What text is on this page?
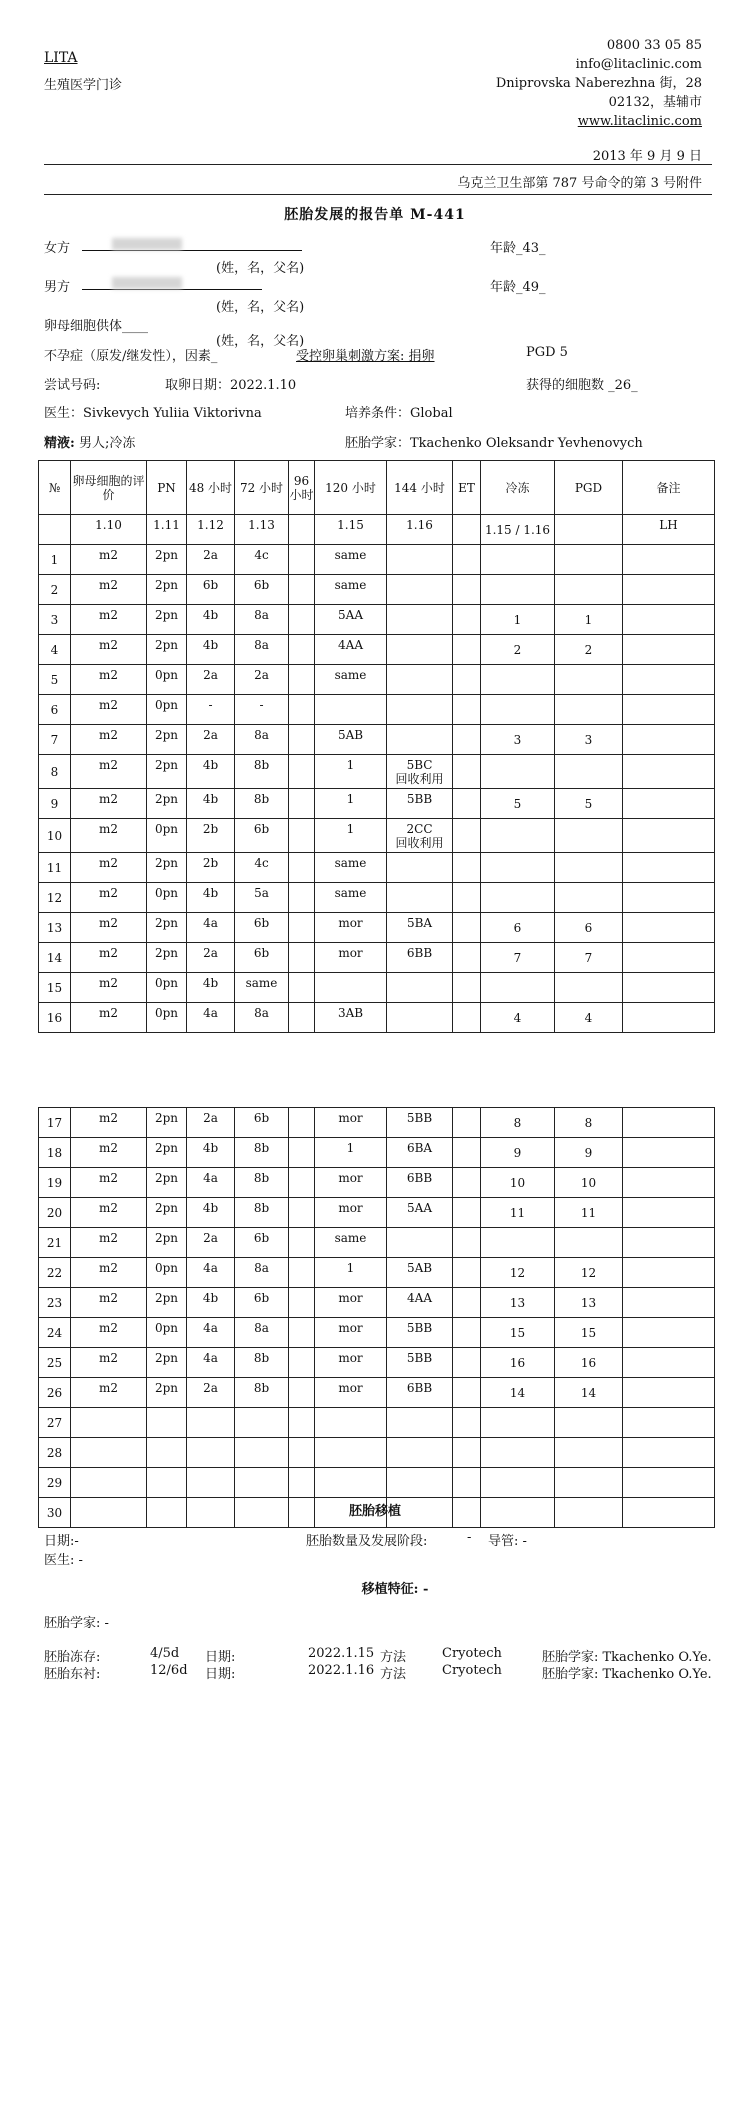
LITA
生殖医学门诊
0800 33 05 85
info@litaclinic.com
Dniprovska Naberezhna 街，28
02132，基辅市
www.litaclinic.com
2013 年 9 月 9 日
乌克兰卫生部第 787 号命令的第 3 号附件
胚胎发展的报告单 M-441
女方
(姓，名，父名)
年龄_43_
男方
(姓，名，父名)
年龄_49_
卵母细胞供体____
(姓，名，父名)
不孕症（原发/继发性），因素_	受控卵巢刺激方案: 捐卵	PGD 5
尝试号码:	取卵日期：2022.1.10	获得的细胞数 _26_
医生：Sivkevych Yuliia Viktorivna	培养条件：Global
精液: 男人;冷冻	胚胎学家：Tkachenko Oleksandr Yevhenovych
№	卵母细胞的评价	PN	48 小时	72 小时	96 小时	120 小时	144 小时	ET	冷冻	PGD	备注
	1.10	1.11	1.12	1.13		1.15	1.16		1.15 / 1.16		LH
1	m2	2pn	2a	4c		same					
2	m2	2pn	6b	6b		same					
3	m2	2pn	4b	8a		5AA			1	1	
4	m2	2pn	4b	8a		4AA			2	2	
5	m2	0pn	2a	2a		same					
6	m2	0pn	-	-							
7	m2	2pn	2a	8a		5AB			3	3	
8	m2	2pn	4b	8b		1	5BC
回收利用				
9	m2	2pn	4b	8b		1	5BB		5	5	
10	m2	0pn	2b	6b		1	2CC
回收利用				
11	m2	2pn	2b	4c		same					
12	m2	0pn	4b	5a		same					
13	m2	2pn	4a	6b		mor	5BA		6	6	
14	m2	2pn	2a	6b		mor	6BB		7	7	
15	m2	0pn	4b	same							
16	m2	0pn	4a	8a		3AB			4	4	
17	m2	2pn	2a	6b		mor	5BB		8	8	
18	m2	2pn	4b	8b		1	6BA		9	9	
19	m2	2pn	4a	8b		mor	6BB		10	10	
20	m2	2pn	4b	8b		mor	5AA		11	11	
21	m2	2pn	2a	6b		same					
22	m2	0pn	4a	8a		1	5AB		12	12	
23	m2	2pn	4b	6b		mor	4AA		13	13	
24	m2	0pn	4a	8a		mor	5BB		15	15	
25	m2	2pn	4a	8b		mor	5BB		16	16	
26	m2	2pn	2a	8b		mor	6BB		14	14	
27											
28											
29											
30												胚胎移植
日期:-	胚胎数量及发展阶段:	- 导管: -
医生: -
移植特征: -
胚胎学家: -
胚胎冻存:	4/5d 日期:	2022.1.15 方法	Cryotech	胚胎学家: Tkachenko O.Ye.
胚胎东衬:	12/6d 日期:	2022.1.16 方法	Cryotech	胚胎学家: Tkachenko O.Ye.
